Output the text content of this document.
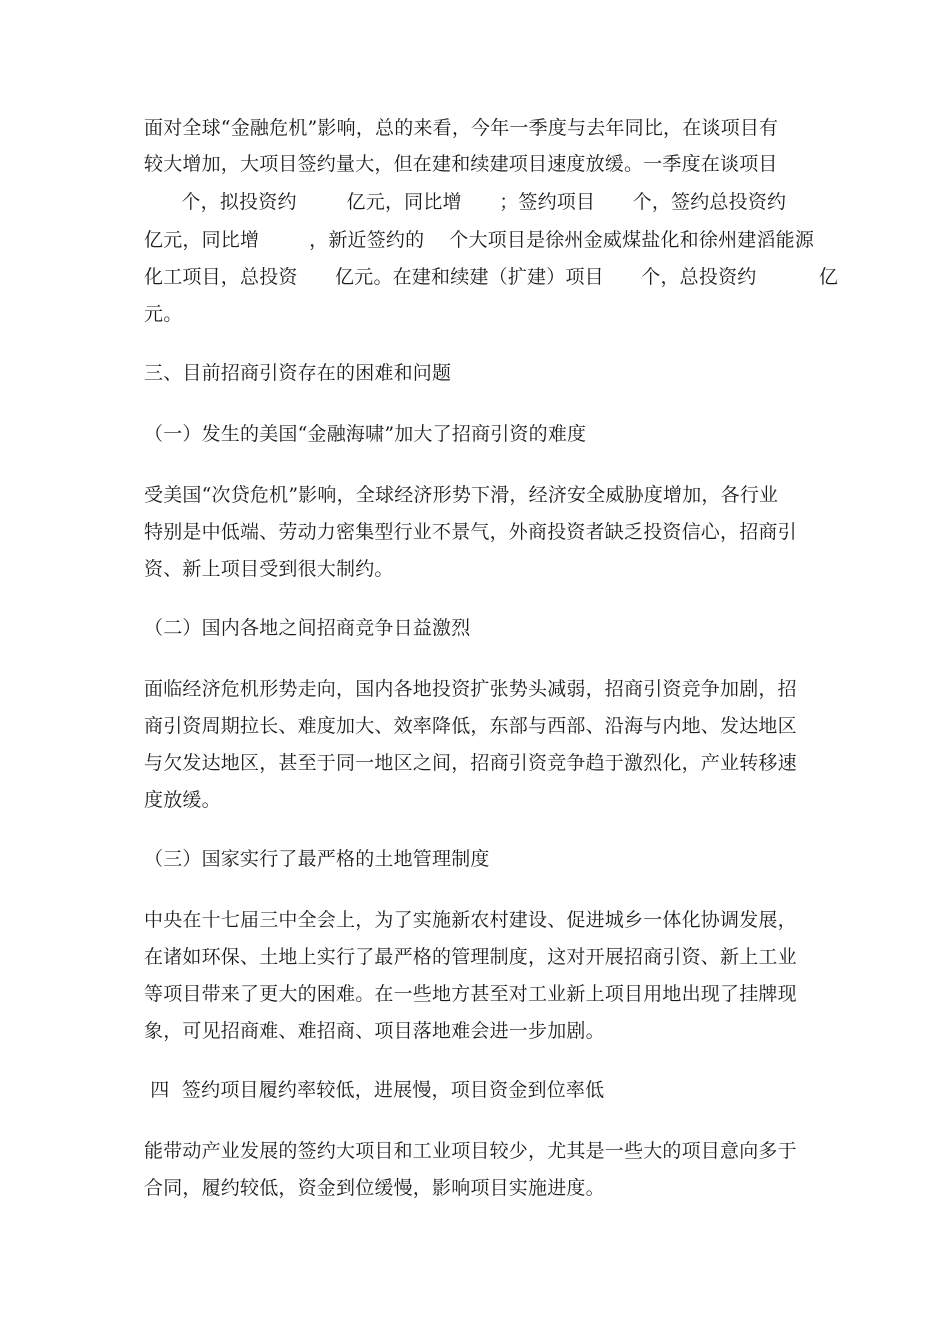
面对全球“金融危机”影响，总的来看，今年一季度与去年同比，在谈项目有
较大增加，大项目签约量大，但在建和续建项目速度放缓。一季度在谈项目
个，拟投资约        亿元，同比增      ；签约项目      个，签约总投资约
亿元，同比增        ，新近签约的    个大项目是徐州金威煤盐化和徐州建滔能源
化工项目，总投资      亿元。在建和续建（扩建）项目      个，总投资约          亿
元。
三、目前招商引资存在的困难和问题
（一）发生的美国“金融海啸”加大了招商引资的难度
受美国“次贷危机”影响，全球经济形势下滑，经济安全威胁度增加，各行业
特别是中低端、劳动力密集型行业不景气，外商投资者缺乏投资信心，招商引
资、新上项目受到很大制约。
（二）国内各地之间招商竞争日益激烈
面临经济危机形势走向，国内各地投资扩张势头减弱，招商引资竞争加剧，招
商引资周期拉长、难度加大、效率降低，东部与西部、沿海与内地、发达地区
与欠发达地区，甚至于同一地区之间，招商引资竞争趋于激烈化，产业转移速
度放缓。
（三）国家实行了最严格的土地管理制度
中央在十七届三中全会上，为了实施新农村建设、促进城乡一体化协调发展，
在诸如环保、土地上实行了最严格的管理制度，这对开展招商引资、新上工业
等项目带来了更大的困难。在一些地方甚至对工业新上项目用地出现了挂牌现
象，可见招商难、难招商、项目落地难会进一步加剧。
四  签约项目履约率较低，进展慢，项目资金到位率低
能带动产业发展的签约大项目和工业项目较少，尤其是一些大的项目意向多于
合同，履约较低，资金到位缓慢，影响项目实施进度。
